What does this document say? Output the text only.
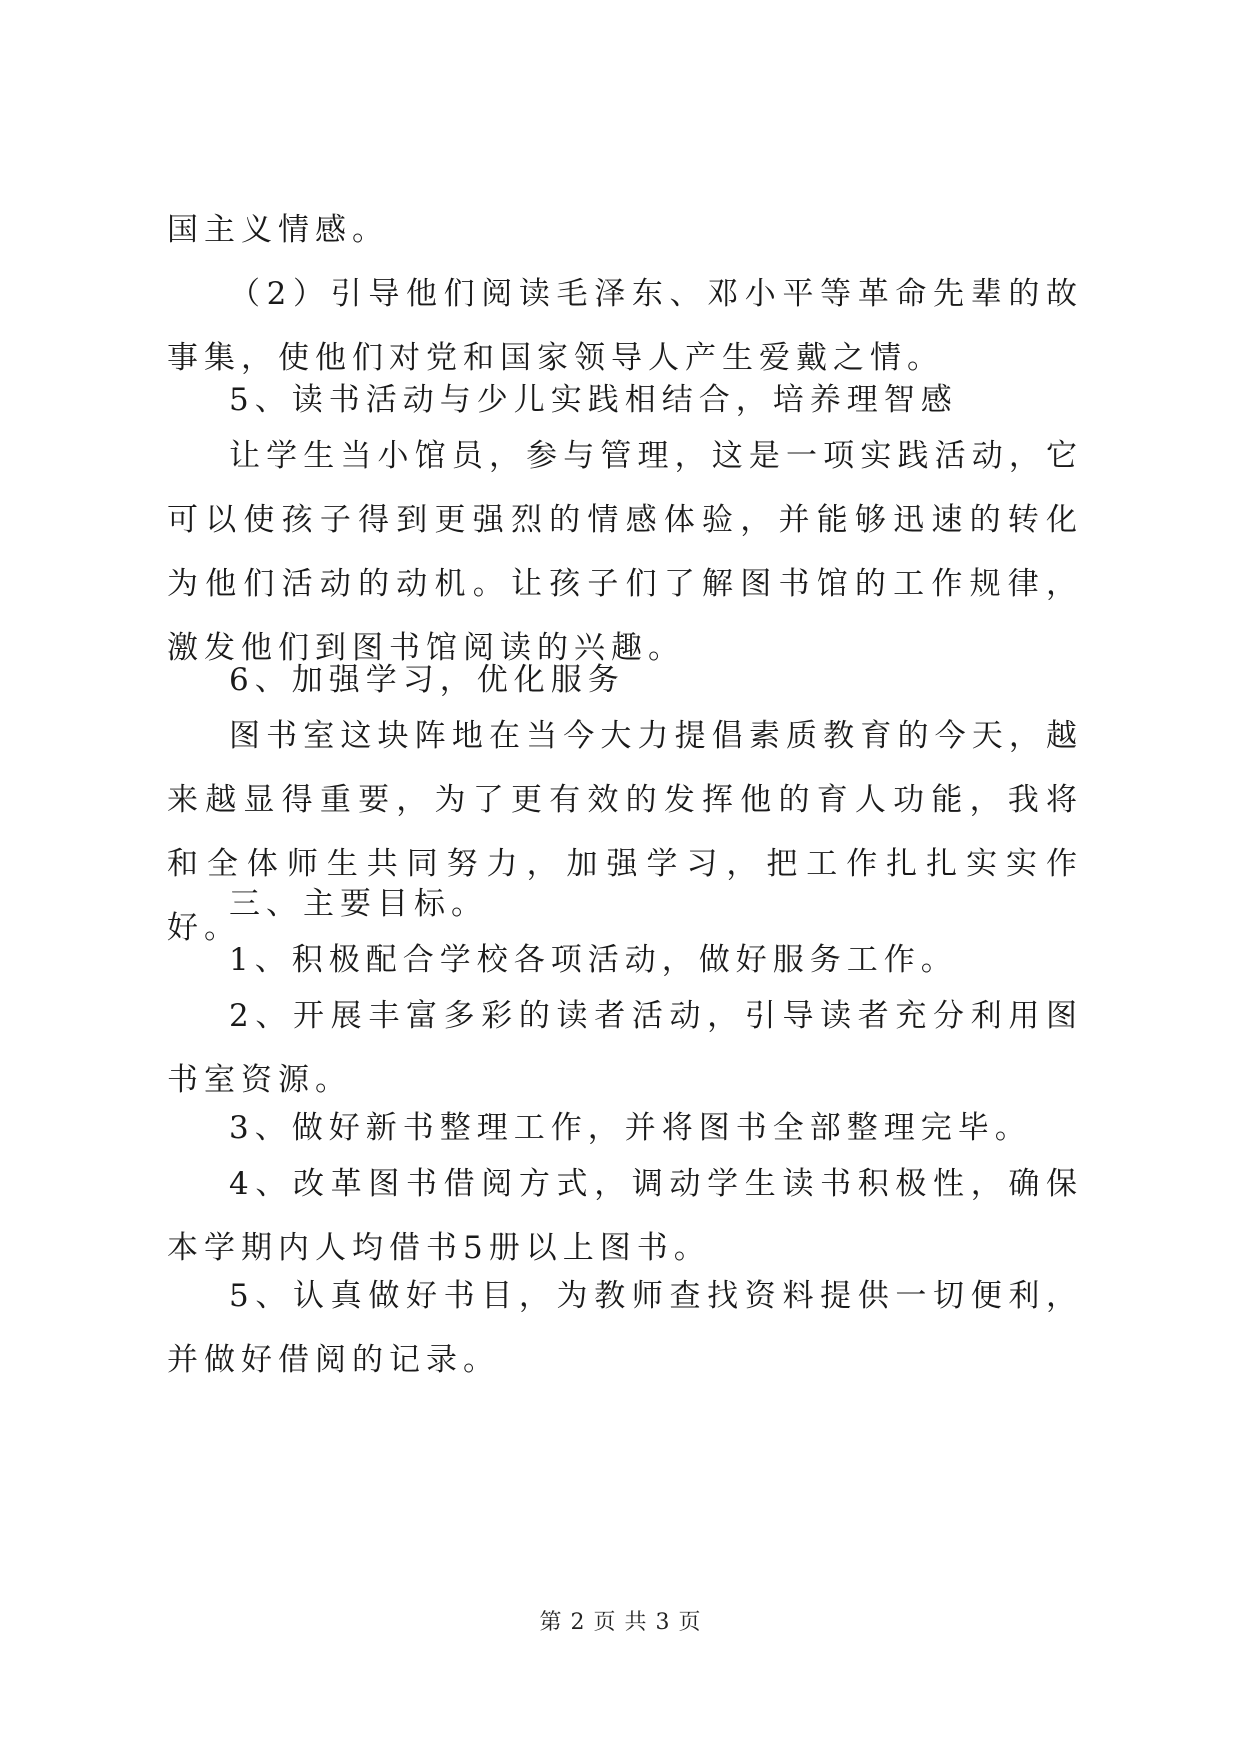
国主义情感。

（2）引导他们阅读毛泽东、邓小平等革命先辈的故事集，使他们对党和国家领导人产生爱戴之情。

5、读书活动与少儿实践相结合，培养理智感

让学生当小馆员，参与管理，这是一项实践活动，它可以使孩子得到更强烈的情感体验，并能够迅速的转化为他们活动的动机。让孩子们了解图书馆的工作规律，激发他们到图书馆阅读的兴趣。

6、加强学习，优化服务

图书室这块阵地在当今大力提倡素质教育的今天，越来越显得重要，为了更有效的发挥他的育人功能，我将和全体师生共同努力，加强学习，把工作扎扎实实作好。

三、主要目标。

1、积极配合学校各项活动，做好服务工作。

2、开展丰富多彩的读者活动，引导读者充分利用图书室资源。

3、做好新书整理工作，并将图书全部整理完毕。

4、改革图书借阅方式，调动学生读书积极性，确保本学期内人均借书5册以上图书。

5、认真做好书目，为教师查找资料提供一切便利，并做好借阅的记录。

第 2 页 共 3 页
